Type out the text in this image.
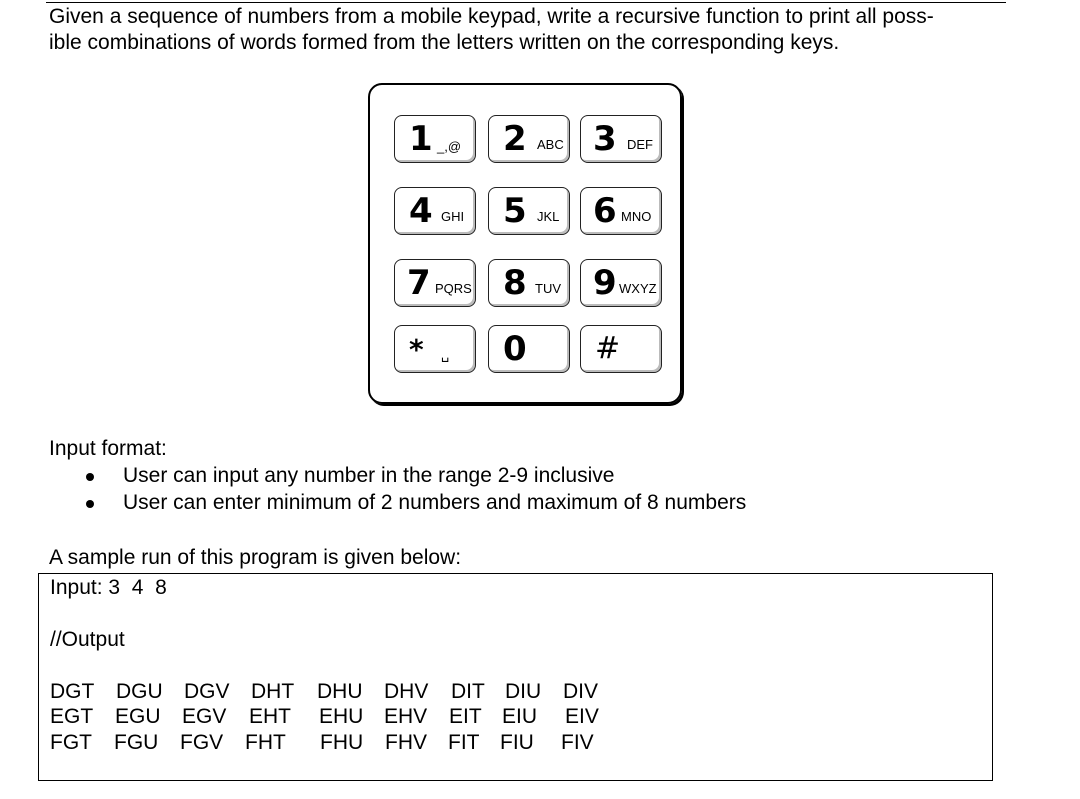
Given a sequence of numbers from a mobile keypad, write a recursive function to print all poss-
ible combinations of words formed from the letters written on the corresponding keys.

1 _,@ 2 ABC 3 DEF
4 GHI 5 JKL 6 MNO
7 PQRS 8 TUV 9 WXYZ
* ␣ 0 #
Input format:
User can input any number in the range 2-9 inclusive
User can enter minimum of 2 numbers and maximum of 8 numbers
A sample run of this program is given below:
Input: 3  4  8
//Output
DGT DGU DGV DHT DHU DHV DIT DIU DIV
EGT EGU EGV EHT EHU EHV EIT EIU EIV
FGT FGU FGV FHT FHU FHV FIT FIU FIV
